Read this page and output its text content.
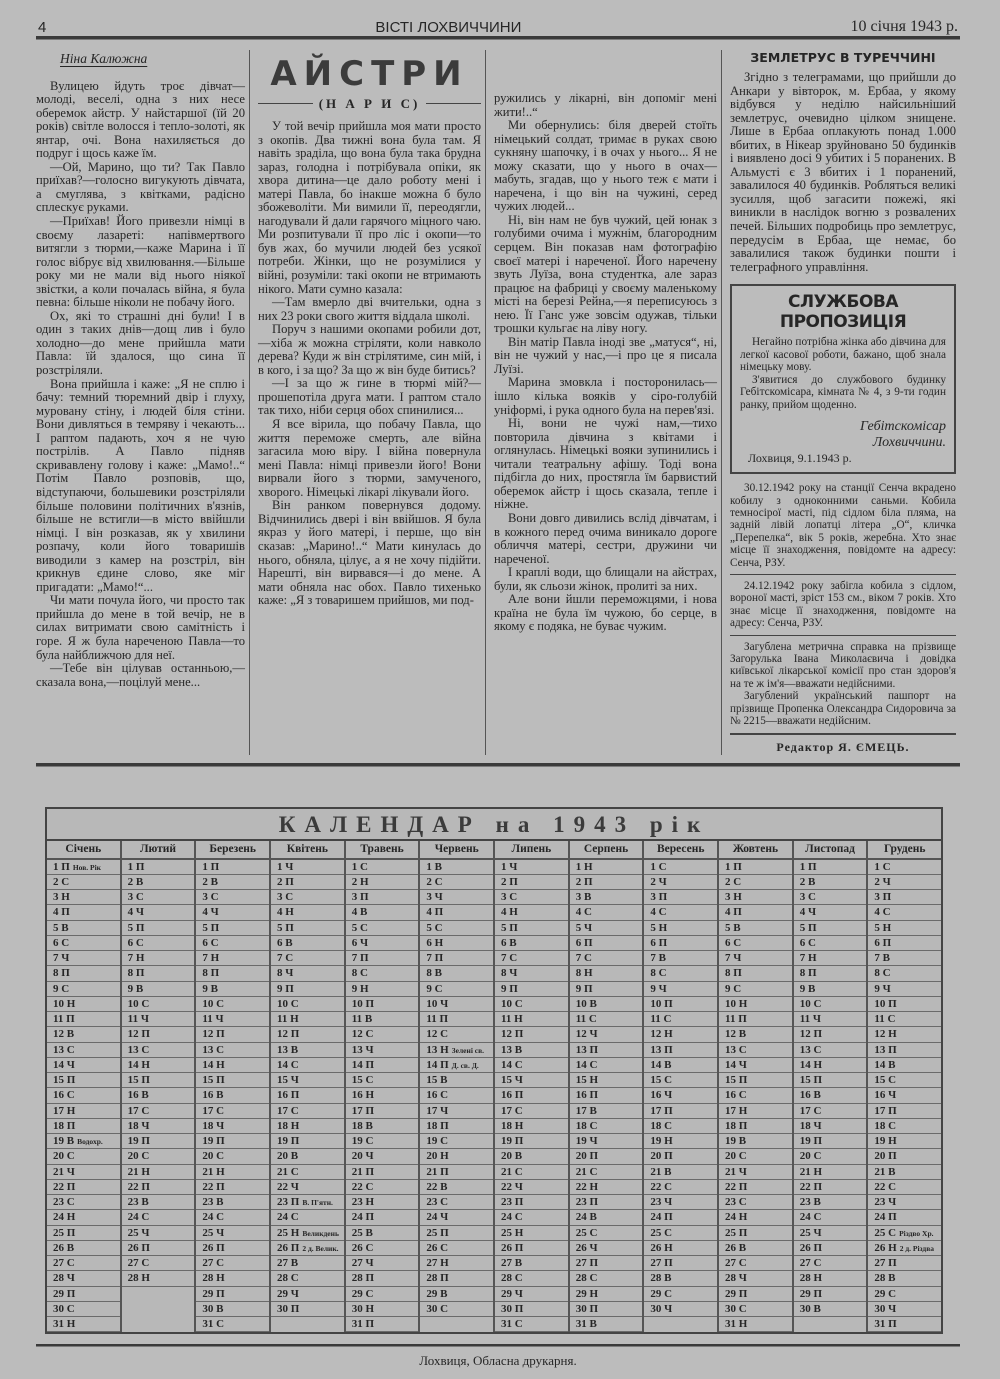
4	ВІСТІ ЛОХВИЧЧИНИ	10 січня 1943 р.
Ніна Калюжна

Вулицею йдуть троє дівчат—молоді, веселі, одна з них несе оберемок айстр. У найстаршої (їй 20 років) світле волосся і тепло-золоті, як янтар, очі. Вона нахиляється до подруг і щось каже їм.

—Ой, Марино, що ти? Так Павло приїхав?—голосно вигукують дівчата, а смуглява, з квітками, радісно сплескує руками.

—Приїхав! Його привезли німці в своєму лазареті: напівмертвого витягли з тюрми,—каже Марина і її голос вібрує від хвилювання.—Більше року ми не мали від нього ніякої звістки, а коли почалась війна, я була певна: більше ніколи не побачу його.

Ох, які то страшні дні були! І в один з таких днів—дощ лив і було холодно—до мене прийшла мати Павла: їй здалося, що сина її розстріляли.

Вона прийшла і каже: „Я не сплю і бачу: темний тюремний двір і глуху, муровану стіну, і людей біля стіни. Вони дивляться в темряву і чекають... І раптом падають, хоч я не чую пострілів. А Павло підняв скривавлену голову і каже: „Мамо!..“ Потім Павло розповів, що, відступаючи, большевики розстріляли більше половини політичних в'язнів, більше не встигли—в місто ввійшли німці. І він розказав, як у хвилини розпачу, коли його товаришів виводили з камер на розстріл, він крикнув єдине слово, яке міг пригадати: „Мамо!“...

Чи мати почула його, чи просто так прийшла до мене в той вечір, не в силах витримати свою самітність і горе. Я ж була нареченою Павла—то була найближчою для неї.

—Тебе він цілував останньою,—сказала вона,—поцілуй мене...

АЙСТРИ
(Н А Р И С)

У той вечір прийшла моя мати просто з окопів. Два тижні вона була там. Я навіть зраділа, що вона була така брудна зараз, голодна і потрібувала опіки, як хвора дитина—це дало роботу мені і матері Павла, бо інакше можна б було збожеволіти. Ми вимили її, переодягли, нагодували й дали гарячого міцного чаю. Ми розпитували її про ліс і окопи—то був жах, бо мучили людей без усякої потреби. Жінки, що не розумілися у війні, розуміли: такі окопи не втримають нікого. Мати сумно казала:

—Там вмерло дві вчительки, одна з них 23 роки свого життя віддала школі.

Поруч з нашими окопами робили дот,—хіба ж можна стріляти, коли навколо дерева? Куди ж він стрілятиме, син мій, і в кого, і за що? За що ж він буде битись?

—І за що ж гине в тюрмі мій?—прошепотіла друга мати. І раптом стало так тихо, ніби серця обох спинилися...

Я все вірила, що побачу Павла, що життя переможе смерть, але війна загасила мою віру. І війна повернула мені Павла: німці привезли його! Вони вирвали його з тюрми, замученого, хворого. Німецькі лікарі лікували його.

Він ранком повернувся додому. Відчинились двері і він ввійшов. Я була якраз у його матері, і перше, що він сказав: „Марино!..“ Мати кинулась до нього, обняла, цілує, а я не хочу підійти. Нарешті, він вирвався—і до мене. А мати обняла нас обох. Павло тихенько каже: „Я з товаришем прийшов, ми под-

ружились у лікарні, він допоміг мені жити!..“

Ми обернулись: біля дверей стоїть німецький солдат, тримає в руках свою сукняну шапочку, і в очах у нього... Я не можу сказати, що у нього в очах—мабуть, згадав, що у нього теж є мати і наречена, і що він на чужині, серед чужих людей...

Ні, він нам не був чужий, цей юнак з голубими очима і мужнім, благородним серцем. Він показав нам фотографію своєї матері і нареченої. Його наречену звуть Луїза, вона студентка, але зараз працює на фабриці у своєму маленькому місті на березі Рейна,—я переписуюсь з нею. Її Ганс уже зовсім одужав, тільки трошки кульгає на ліву ногу.

Він матір Павла іноді зве „матуся“, ні, він не чужий у нас,—і про це я писала Луїзі.

Марина змовкла і посторонилась—ішло кілька вояків у сіро-голубій уніформі, і рука одного була на перев'язі.

Ні, вони не чужі нам,—тихо повторила дівчина з квітами і оглянулась. Німецькі вояки зупинились і читали театральну афішу. Тоді вона підбігла до них, простягла їм барвистий оберемок айстр і щось сказала, тепле і ніжне.

Вони довго дивились вслід дівчатам, і в кожного перед очима виникало дороге обличчя матері, сестри, дружини чи нареченої.

І краплі води, що блищали на айстрах, були, як сльози жінок, пролиті за них.

Але вони йшли переможцями, і нова країна не була їм чужою, бо серце, в якому є подяка, не буває чужим.

ЗЕМЛЕТРУС В ТУРЕЧЧИНІ

Згідно з телеграмами, що прийшли до Анкари у вівторок, м. Ербаа, у якому відбувся у неділю найсильніший землетрус, очевидно цілком знищене. Лише в Ербаа оплакують понад 1.000 вбитих, в Нікеар зруйновано 50 будинків і виявлено досі 9 убитих і 5 поранених. В Альмусті є 3 вбитих і 1 поранений, завалилося 40 будинків. Робляться великі зусилля, щоб загасити пожежі, які виникли в наслідок вогню з розвалених печей. Більших подробиць про землетрус, передусім в Ербаа, ще немає, бо завалилися також будинки пошти і телеграфного управління.

СЛУЖБОВА ПРОПОЗИЦІЯ

Негайно потрібна жінка або дівчина для легкої касової роботи, бажано, щоб знала німецьку мову.

З'явитися до службового будинку Гебітскомісара, кімната № 4, з 9-ти годин ранку, прийом щоденно.

Гебітскомісар
Лохвиччини.
Лохвиця, 9.1.1943 р.

30.12.1942 року на станції Сенча вкрадено кобилу з одноконними саньми. Кобила темносірої масті, під сідлом біла пляма, на задній лівій лопатці літера „О“, кличка „Перепелка“, вік 5 років, жеребна. Хто знає місце її знаходження, повідомте на адресу: Сенча, РЗУ.

24.12.1942 року забігла кобила з сідлом, вороної масті, зріст 153 см., віком 7 років. Хто знає місце її знаходження, повідомте на адресу: Сенча, РЗУ.

Загублена метрична справка на прізвище Загорулька Івана Миколаєвича і довідка київської лікарської комісії про стан здоров'я на те ж ім'я—вважати недійсними.

Загублений український пашпорт на прізвище Пропенка Олександра Сидоровича за № 2215—вважати недійсним.

Редактор Я. ЄМЕЦЬ.
КАЛЕНДАР на 1943 рік
Січень
1 П Нов. Рік
2 С
3 Н
4 П
5 В
6 С
7 Ч
8 П
9 С
10 Н
11 П
12 В
13 С
14 Ч
15 П
16 С
17 Н
18 П
19 В Водохр.
20 С
21 Ч
22 П
23 С
24 Н
25 П
26 В
27 С
28 Ч
29 П
30 С
31 Н
Лютий
1 П
2 В
3 С
4 Ч
5 П
6 С
7 Н
8 П
9 В
10 С
11 Ч
12 П
13 С
14 Н
15 П
16 В
17 С
18 Ч
19 П
20 С
21 Н
22 П
23 В
24 С
25 Ч
26 П
27 С
28 Н
Березень
1 П
2 В
3 С
4 Ч
5 П
6 С
7 Н
8 П
9 В
10 С
11 Ч
12 П
13 С
14 Н
15 П
16 В
17 С
18 Ч
19 П
20 С
21 Н
22 П
23 В
24 С
25 Ч
26 П
27 С
28 Н
29 П
30 В
31 С
Квітень
1 Ч
2 П
3 С
4 Н
5 П
6 В
7 С
8 Ч
9 П
10 С
11 Н
12 П
13 В
14 С
15 Ч
16 П
17 С
18 Н
19 П
20 В
21 С
22 Ч
23 П В. П'ятн.
24 С
25 Н Великдень
26 П 2 д. Велик.
27 В
28 С
29 Ч
30 П
Травень
1 С
2 Н
3 П
4 В
5 С
6 Ч
7 П
8 С
9 Н
10 П
11 В
12 С
13 Ч
14 П
15 С
16 Н
17 П
18 В
19 С
20 Ч
21 П
22 С
23 Н
24 П
25 В
26 С
27 Ч
28 П
29 С
30 Н
31 П
Червень
1 В
2 С
3 Ч
4 П
5 С
6 Н
7 П
8 В
9 С
10 Ч
11 П
12 С
13 Н Зелені св.
14 П Д. св. Д.
15 В
16 С
17 Ч
18 П
19 С
20 Н
21 П
22 В
23 С
24 Ч
25 П
26 С
27 Н
28 П
29 В
30 С
Липень
1 Ч
2 П
3 С
4 Н
5 П
6 В
7 С
8 Ч
9 П
10 С
11 Н
12 П
13 В
14 С
15 Ч
16 П
17 С
18 Н
19 П
20 В
21 С
22 Ч
23 П
24 С
25 Н
26 П
27 В
28 С
29 Ч
30 П
31 С
Серпень
1 Н
2 П
3 В
4 С
5 Ч
6 П
7 С
8 Н
9 П
10 В
11 С
12 Ч
13 П
14 С
15 Н
16 П
17 В
18 С
19 Ч
20 П
21 С
22 Н
23 П
24 В
25 С
26 Ч
27 П
28 С
29 Н
30 П
31 В
Вересень
1 С
2 Ч
3 П
4 С
5 Н
6 П
7 В
8 С
9 Ч
10 П
11 С
12 Н
13 П
14 В
15 С
16 Ч
17 П
18 С
19 Н
20 П
21 В
22 С
23 Ч
24 П
25 С
26 Н
27 П
28 В
29 С
30 Ч
Жовтень
1 П
2 С
3 Н
4 П
5 В
6 С
7 Ч
8 П
9 С
10 Н
11 П
12 В
13 С
14 Ч
15 П
16 С
17 Н
18 П
19 В
20 С
21 Ч
22 П
23 С
24 Н
25 П
26 В
27 С
28 Ч
29 П
30 С
31 Н
Листопад
1 П
2 В
3 С
4 Ч
5 П
6 С
7 Н
8 П
9 В
10 С
11 Ч
12 П
13 С
14 Н
15 П
16 В
17 С
18 Ч
19 П
20 С
21 Н
22 П
23 В
24 С
25 Ч
26 П
27 С
28 Н
29 П
30 В
Грудень
1 С
2 Ч
3 П
4 С
5 Н
6 П
7 В
8 С
9 Ч
10 П
11 С
12 Н
13 П
14 В
15 С
16 Ч
17 П
18 С
19 Н
20 П
21 В
22 С
23 Ч
24 П
25 С Різдво Хр.
26 Н 2 д. Різдва
27 П
28 В
29 С
30 Ч
31 П
Лохвиця, Обласна друкарня.
